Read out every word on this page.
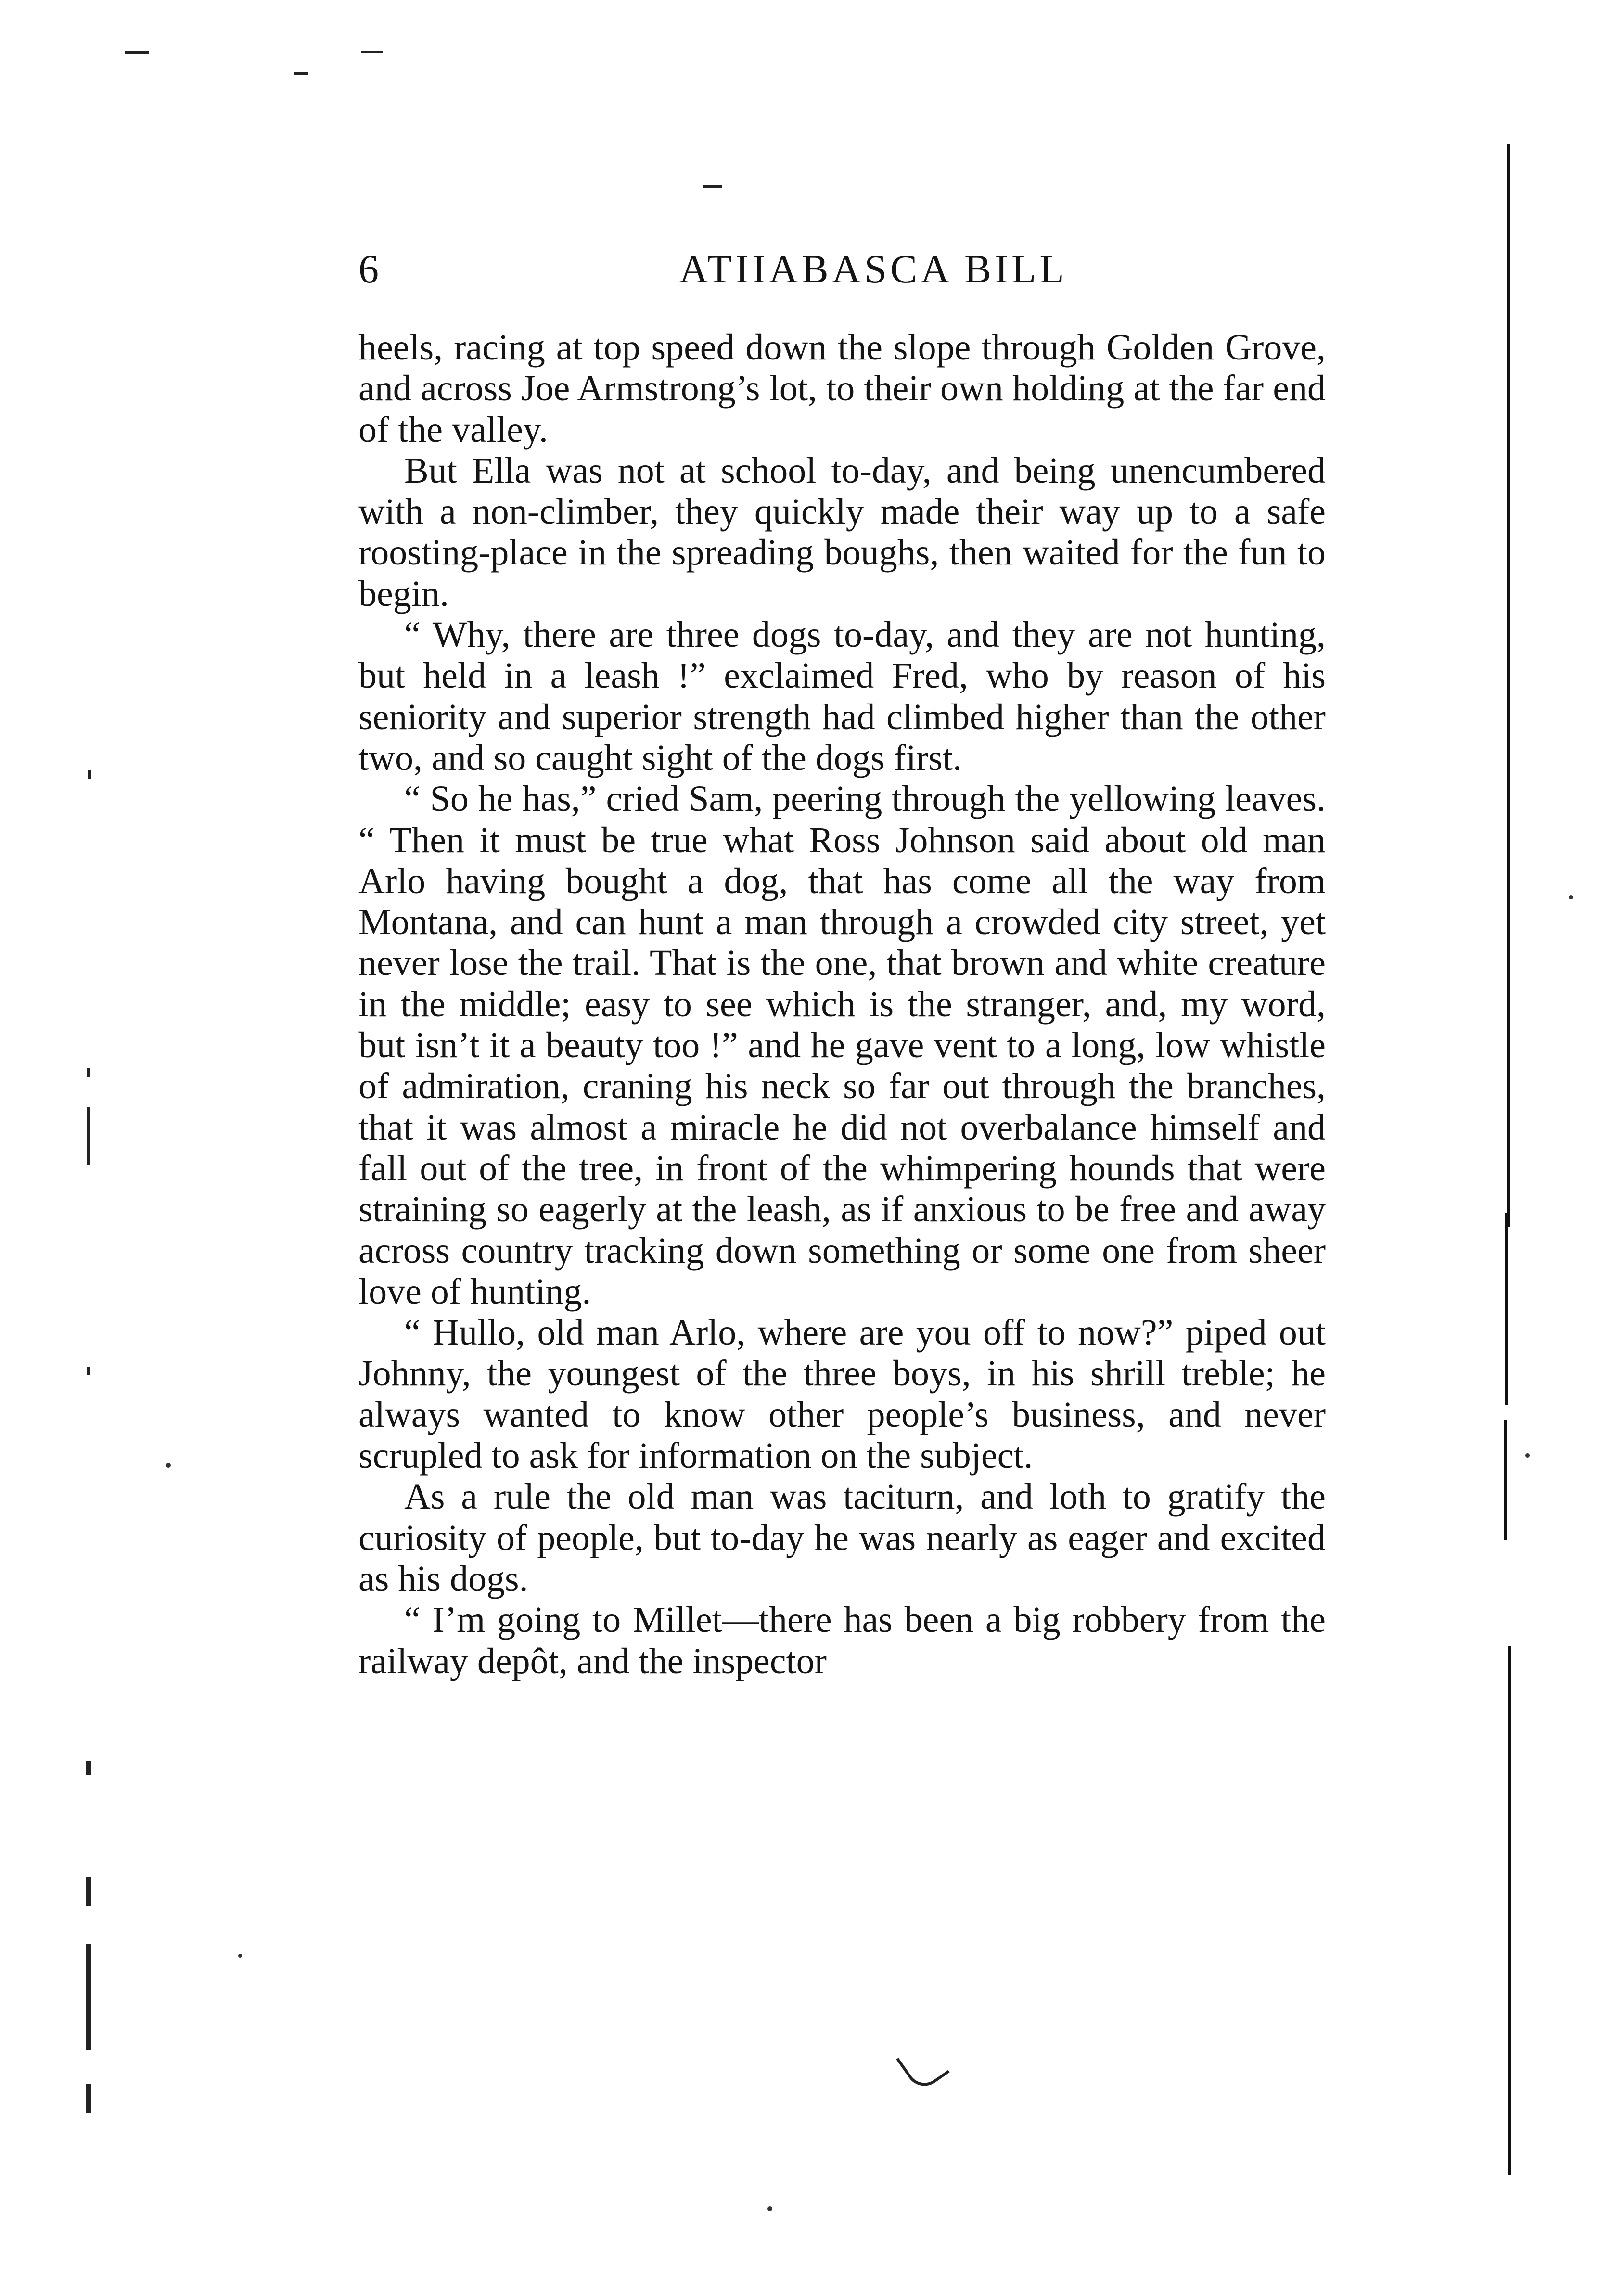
6	ATIIABASCA BILL

heels, racing at top speed down the slope through Golden Grove, and across Joe Armstrong’s lot, to their own holding at the far end of the valley.

But Ella was not at school to-day, and being unencumbered with a non-climber, they quickly made their way up to a safe roosting-place in the spreading boughs, then waited for the fun to begin.

“ Why, there are three dogs to-day, and they are not hunting, but held in a leash !” exclaimed Fred, who by reason of his seniority and superior strength had climbed higher than the other two, and so caught sight of the dogs first.

“ So he has,” cried Sam, peering through the yellowing leaves. “ Then it must be true what Ross Johnson said about old man Arlo having bought a dog, that has come all the way from Montana, and can hunt a man through a crowded city street, yet never lose the trail. That is the one, that brown and white creature in the middle; easy to see which is the stranger, and, my word, but isn’t it a beauty too !” and he gave vent to a long, low whistle of admiration, craning his neck so far out through the branches, that it was almost a miracle he did not overbalance himself and fall out of the tree, in front of the whimpering hounds that were straining so eagerly at the leash, as if anxious to be free and away across country tracking down something or some one from sheer love of hunting.

“ Hullo, old man Arlo, where are you off to now?” piped out Johnny, the youngest of the three boys, in his shrill treble; he always wanted to know other people’s business, and never scrupled to ask for information on the subject.

As a rule the old man was taciturn, and loth to gratify the curiosity of people, but to-day he was nearly as eager and excited as his dogs.

“ I’m going to Millet—there has been a big robbery from the railway depôt, and the inspector
